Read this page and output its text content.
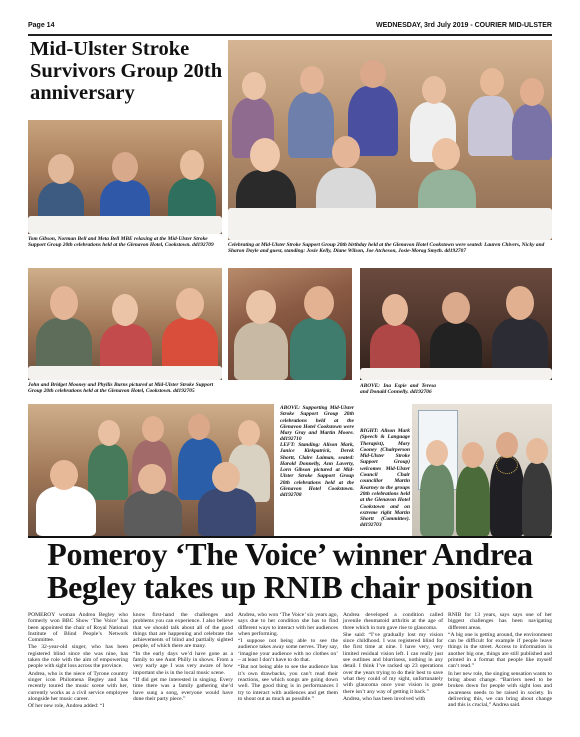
Page 14	WEDNESDAY, 3rd July 2019 - COURIER MID-ULSTER
Mid-Ulster Stroke Survivors Group 20th anniversary
Tom Gibson, Norman Bell and Meta Bell MBE relaxing at the Mid-Ulster Stroke Support Group 20th celebrations held at the Glenavon Hotel, Cookstown. dd192709	Celebrating at Mid-Ulster Stroke Support Group 20th birthday held at the Glenavon Hotel Cookstown were seated: Lauren Chivers, Nicky and Sharon Doyle and guest, standing: Josie Kelly, Diane Wilson, Joe Atcheson, Josie-Morag Smyth. dd192707
John and Bridget Mooney and Phyllis Burns pictured at Mid-Ulster Stroke Support Group 20th celebrations held at the Glenavon Hotel, Cookstown. dd192705
ABOVE: Supporting Mid-Ulster Stroke Support Group 20th celebrations held at the Glenavon Hotel Cookstown were Mary Gray and Martin Moore. dd192710
LEFT: Standing: Alison Mark, Janice Kirkpatrick, Derek Shortt, Claire Laiman, seated: Harold Donnelly, Ann Laverty, Lorn Gibson pictured at Mid-Ulster Stroke Support Group 20th celebrations held at the Glenavon Hotel Cookstown. dd192708
ABOVE: Ina Espie and Teresa and Donald Connelly. dd192706
RIGHT: Alison Mark (Speech & Language Therapist), Mary Cooney (Chairperson Mid-Ulster Stroke Support Group) welcomes Mid-Ulster Council Chair councillor Martin Kearney to the groups 20th celebrations held at the Glenavon Hotel Cookstown and on extreme right Martin Shortt (Committee). dd192703
Pomeroy ‘The Voice’ winner Andrea Begley takes up RNIB chair position

POMEROY woman Andrea Begley who formerly won BBC Show ‘The Voice’ has been appointed the chair of Royal National Institute of Blind People’s Network Committee.

The 32-year-old singer, who has been registered blind since she was nine, has taken the role with the aim of empowering people with sight loss across the province.

Andrea, who is the niece of Tyrone country singer icon Philomena Begley and has recently toured the music scene with her, currently works as a civil service employee alongside her music career.

Of her new role, Andrea added: “I

know first-hand the challenges and problems you can experience. I also believe that we should talk about all of the good things that are happening and celebrate the achievements of blind and partially sighted people, of which there are many.

“In the early days we’d have gone as a family to see Aunt Philly in shows. From a very early age I was very aware of how important she is in the local music scene.

“If did get me interested in singing. Every time there was a family gathering she’d have sung a song, everyone would have done their party piece.”

Andrea, who won ‘The Voice’ six years ago, says due to her condition she has to find different ways to interact with her audiences when performing.

“I suppose not being able to see the audience takes away some nerves. They say, ‘imagine your audience with no clothes on’ – at least I don’t have to do that.

“But not being able to see the audience has it’s own drawbacks, you can’t read their reactions, see which songs are going down well. The good thing is in performances I try to interact with audiences and get them to shout out as much as possible.”

Andrea developed a condition called juvenile rheumatoid arthritis at the age of three which in turn gave rise to glaucoma.

She said: “I’ve gradually lost my vision since childhood. I was registered blind for the first time at nine. I have very, very limited residual vision left. I can really just see outlines and blurriness, nothing in any detail. I think I’ve racked up 23 operations over the years trying to do their best to save what they could of my sight, unfortunately with glaucoma once your vision is gone there isn’t any way of getting it back.”

Andrea, who has been involved with

RNIB for 13 years, says says one of her biggest challenges has been navigating different areas.

“A big one is getting around, the environment can be difficult for example if people leave things in the street. Access to information is another big one, things are still published and printed in a format that people like myself can’t read.”

In her new role, the singing sensation wants to bring about change. “Barriers need to be broken down for people with sight loss and awareness needs to be raised in society. In delivering this, we can bring about change and this is crucial,” Andrea said.
